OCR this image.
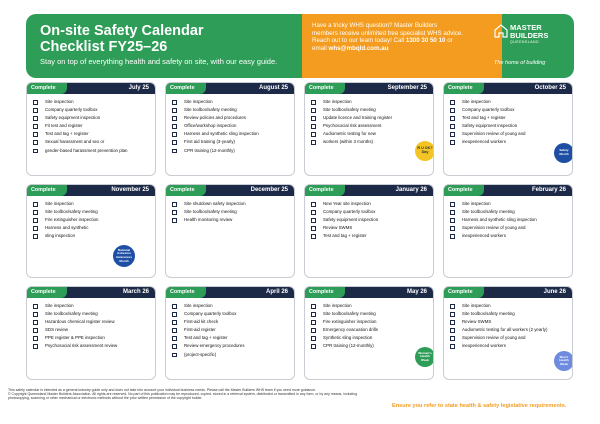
On-site Safety Calendar
Checklist FY25–26
Stay on top of everything health and safety on site, with our easy guide.
Have a tricky WHS question? Master Builders
members receive unlimited free specialist WHS advice.
Reach out to our team today! Call 1300 30 50 10 or
email whs@mbqld.com.au
MASTER
BUILDERS
QUEENSLAND
The home of building
Complete	July 25
Site inspection
Company quarterly toolbox
Safety equipment inspection
Fit test and register
Test and tag + register
Sexual harassment and sex or
gender-based harassment prevention plan
Complete	August 25
Site inspection
Site toolbox/safety meeting
Review policies and procedures
Office/workshop inspection
Harness and synthetic sling inspection
First aid training (3-yearly)
CPR training (12-monthly)
Complete	September 25
Site inspection
Site toolbox/safety meeting
Update licence and training register
Psychosocial risk assessment
Audiometric testing for new
workers (within 3 months)
R U OK? Day
Complete	October 25
Site inspection
Company quarterly toolbox
Test and tag + register
Safety equipment inspection
Supervision review of young and
inexperienced workers
Safety Month
Complete	November 25
Site inspection
Site toolbox/safety meeting
Fire extinguisher inspection
Harness and synthetic
sling inspection
National Asbestos Awareness Month
Complete	December 25
Site shutdown safety inspection
Site toolbox/safety meeting
Health monitoring review
Complete	January 26
New Year site inspection
Company quarterly toolbox
Safety equipment inspection
Review SWMS
Test and tag + register
Complete	February 26
Site inspection
Site toolbox/safety meeting
Harness and synthetic sling inspection
Supervision review of young and
inexperienced workers
Complete	March 26
Site inspection
Site toolbox/safety meeting
Hazardous chemical register review
SDS review
PPE register & PPE inspection
Psychosocial risk assessment review
Complete	April 26
Site inspection
Company quarterly toolbox
First-aid kit check
First-aid register
Test and tag + register
Review emergency procedures
(project-specific)
Complete	May 26
Site inspection
Site toolbox/safety meeting
Fire extinguisher inspection
Emergency evacuation drills
Synthetic sling inspection
CPR training (12-monthly)
Women's Health Week
Complete	June 26
Site inspection
Site toolbox/safety meeting
Review SWMS
Audiometric testing for all workers (2 yearly)
Supervision review of young and
inexperienced workers
Men's Health Week
This safety calendar is intended as a general industry guide only and does not take into account your individual business needs. Please call the Master Builders WHS team if you need more guidance.
© Copyright Queensland Master Builders Association. All rights are reserved. No part of this publication may be reproduced, copied, stored in a retrieval system, distributed or transmitted in any form, or by any means, including photocopying, scanning or other mechanical or electronic methods without the prior written permission of the copyright holder.
Ensure you refer to state health & safety legislative requirements.
